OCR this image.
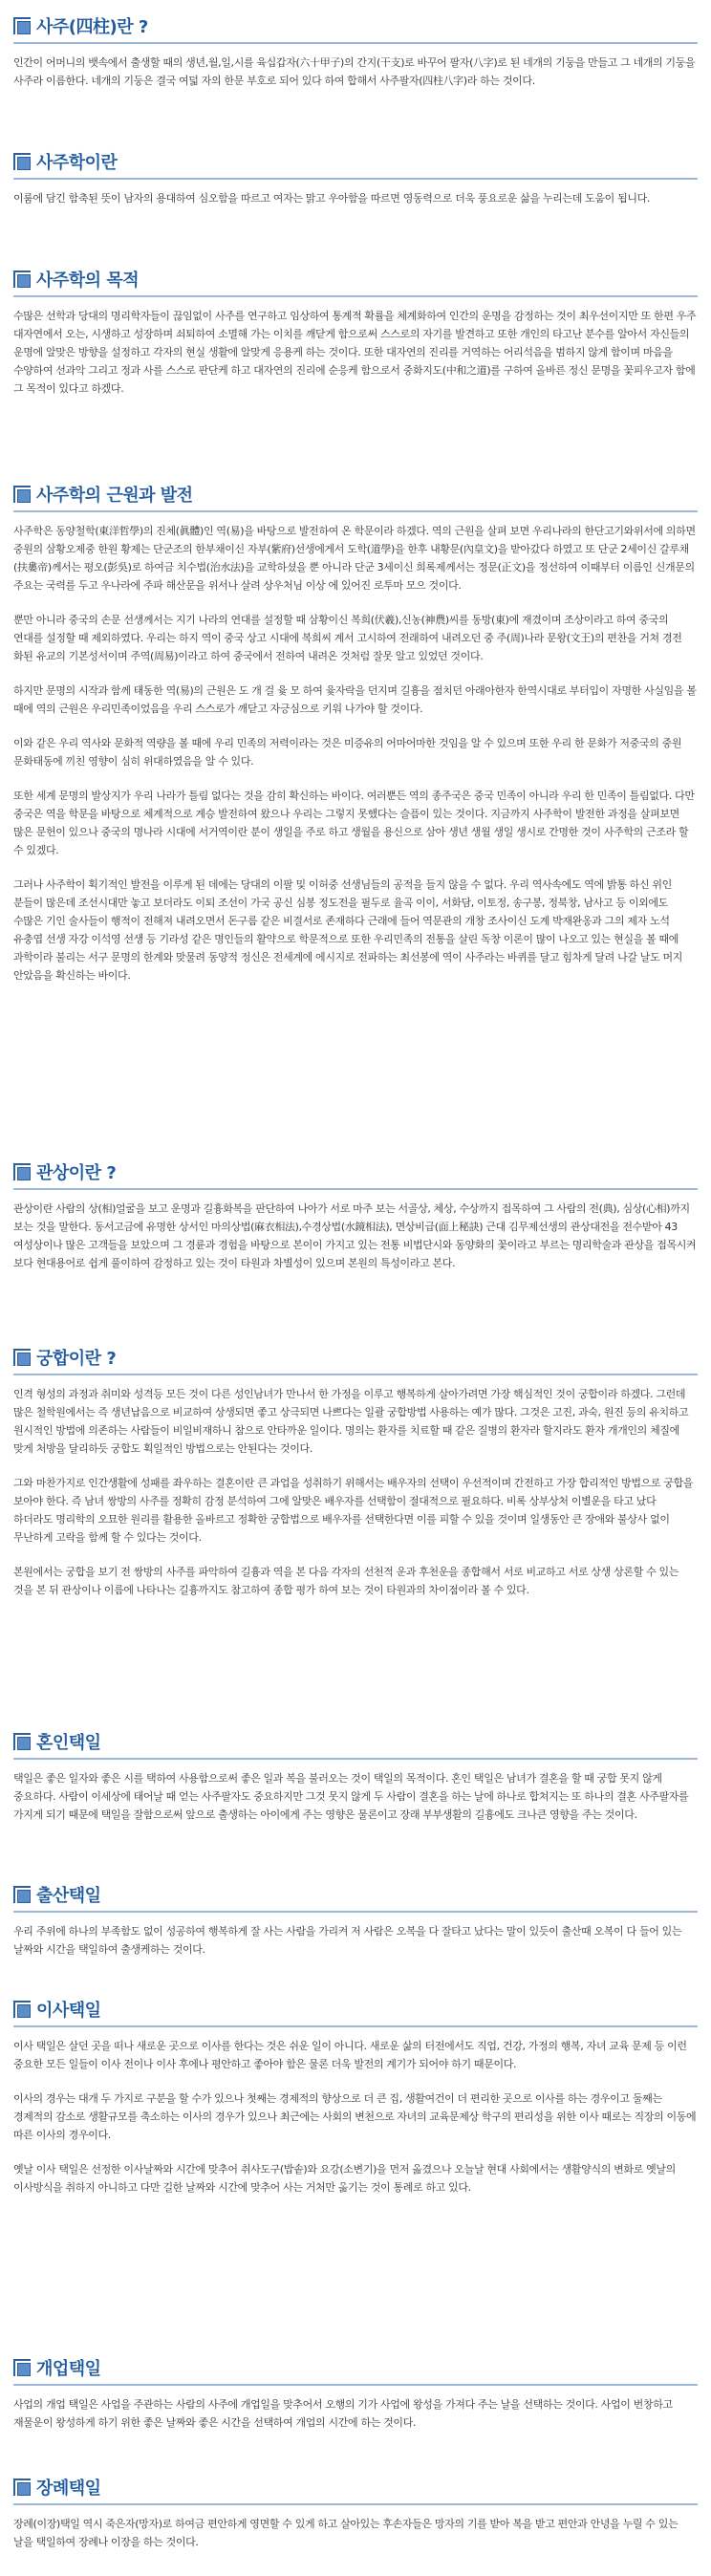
사주(四柱)란 ?

인간이 어머니의 뱃속에서 출생할 때의 생년,월,일,시를 육십갑자(六十甲子)의 간지(干支)로 바꾸어 팔자(八字)로 된 네개의 기둥을 만들고 그 네개의 기둥을 사주라 이름한다. 네개의 기둥은 결국 여덟 자의 한문 부호로 되어 있다 하여 합해서 사주팔자(四柱八字)라 하는 것이다.

사주학이란

이룸에 담긴 함축된 뜻이 남자의 용대하여 심오함을 따르고 여자는 맑고 우아함을 따르면 영동력으로 더욱 풍요로운 삶을 누리는데 도움이 됩니다.

사주학의 목적

수많은 선학과 당대의 명리학자들이 끊임없이 사주를 연구하고 임상하여 통계적 확률을 체계화하여 인간의 운명을 감정하는 것이 최우선이지만 또 한편 우주 대자연에서 오는, 시생하고 성장하며 쇠퇴하여 소멸해 가는 이치를 깨닫게 함으로써 스스로의 자기를 발견하고 또한 개인의 타고난 분수를 알아서 자신들의 운명에 알맞은 방향을 설정하고 각자의 현실 생활에 알맞게 응용케 하는 것이다. 또한 대자연의 진리를 거역하는 어리석음을 범하지 않게 함이며 마음을 수양하여 선과악 그리고 정과 사를 스스로 판단케 하고 대자연의 진리에 순응케 함으로서 중화지도(中和之道)를 구하여 올바른 정신 문명을 꽃피우고자 함에 그 목적이 있다고 하겠다.

사주학의 근원과 발전

사주학은 동양철학(東洋哲學)의 진체(眞體)인 역(易)을 바탕으로 발전하여 온 학문이라 하겠다. 역의 근원을 살펴 보면 우리나라의 한단고기와위서에 의하면 중원의 삼황오제중 한원 황제는 단군조의 한부채이신 자부(紫府)선생에게서 도학(道學)을 한후 내황문(內皇文)을 받아갔다 하였고 또 단군 2세이신 갈루채(扶婁帝)께서는 평오(彭吳)로 하여금 치수법(治水法)을 교학하셨을 뿐 아니라 단군 3세이신 희록제께서는 정문(正文)을 정선하여 이때부터 이름인 신개문의 주요는 국력를 두고 우나라에 주파 해산문을 위서나 살려 상우처님 이상 에 있어진 로투마 모으 것이다.

뿐만 아니라 중국의 손문 선생께서는 지기 나라의 연대를 설정할 때 삼황이신 복희(伏羲),신농(神農)씨를 동방(東)에 재겼이며 조상이라고 하여 중국의 연대를 설정할 때 제외하였다. 우리는 하지 역이 중국 상고 시대에 복희씨 계서 고시하여 전래하여 내려오던 중 주(周)나라 문왕(文王)의 편찬을 거쳐 경전 화된 유교의 기본성서이며 주역(周易)이라고 하여 중국에서 전하여 내려온 것처럼 잘못 알고 있었던 것이다.

하지만 문명의 시작과 함께 태동한 역(易)의 근원은 도 개 걸 윷 모 하여 윷자락을 던지며 길흉을 점치던 아래아한자 한역시대로 부터입이 자명한 사실임을 볼 때에 역의 근원은 우리민족이었음을 우리 스스로가 깨닫고 자긍심으로 키워 나가야 할 것이다.

이와 같은 우리 역사와 문화적 역량을 볼 때에 우리 민족의 저력이라는 것은 미증유의 어마어마한 것임을 알 수 있으며 또한 우리 한 문화가 저중국의 중원 문화태동에 끼친 영향이 심히 위대하였음을 알 수 있다.

또한 세계 문명의 발상지가 우리 나라가 틀림 없다는 것을 감히 확신하는 바이다. 여러뿐든 역의 종주국은 중국 민족이 아니라 우리 한 민족이 틀림없다. 다만 중국은 역을 학문을 바탕으로 체계적으로 계승 발전하여 왔으나 우리는 그렇지 못했다는 슬픔이 있는 것이다. 지금까지 사주학이 발전한 과정을 살펴보면 많은 문헌이 있으나 중국의 명나라 시대에 서거역이란 분이 생일을 주로 하고 생월을 용신으로 삼아 생년 생월 생일 생시로 간명한 것이 사주학의 근조라 할 수 있겠다.

그러나 사주학이 획기적인 발전을 이루게 된 데에는 당대의 이팔 및 이허중 선생님들의 공적을 들지 않을 수 없다. 우리 역사속에도 역에 밝통 하신 위인 분들이 많은데 조선시대만 놓고 보더라도 이퇴 조선이 가국 공신 심봉 정도전을 필두로 율곡 이이, 서화담, 이토정, 송구봉, 정북창, 남사고 등 이외에도 수많은 기인 술사들이 행적이 전해져 내려오면서 돈구름 같은 비결서로 존재하다 근래에 들어 역문관의 개창 조사이신 도계 박재완옹과 그의 제자 노석 유충엽 선생 자강 이석영 선생 등 기라성 같은 명인들의 활약으로 학문적으로 또한 우리민족의 전통을 살린 독창 이론이 많이 나오고 있는 현실을 볼 때에 과학이라 불리는 서구 문명의 한계와 맞물려 동양적 정신은 전세계에 에시지로 전파하는 최선봉에 역이 사주라는 바퀴를 달고 힘차게 달려 나갈 날도 머지 안았음을 확신하는 바이다.

관상이란 ?

관상이란 사람의 상(相)얼굴을 보고 운명과 길흉화복을 판단하여 나아가 서로 마주 보는 서골상, 체상, 수상까지 접목하여 그 사람의 전(典), 심상(心相)까지 보는 것을 말한다. 동서고금에 유명한 상서인 마의상법(麻衣相法),수경상법(水鏡相法), 면상비급(面上秘訣) 근대 김무제선생의 관상대전을 전수받아 43 여성상이나 많은 고객들을 보았으며 그 경륜과 경험을 바탕으로 본이이 가지고 있는 전통 비법단시와 동양화의 꽃이라고 부르는 명리학술과 관상을 접목시켜 보다 현대용어로 쉽게 풀이하여 감정하고 있는 것이 타원과 차별성이 있으며 본원의 특성이라고 본다.

궁합이란 ?

인격 형성의 과정과 취미와 성격등 모든 것이 다른 성인남녀가 만나서 한 가정을 이루고 행복하게 살아가려면 가장 핵심적인 것이 궁합이라 하겠다. 그런데 많은 철학원에서는 즉 생년납음으로 비교하여 상생되면 좋고 상극되면 나쁘다는 일괄 궁합방법 사용하는 예가 많다. 그것은 고진, 과숙, 원진 등의 유치하고 원시적인 방법에 의존하는 사람들이 비일비재하니 참으로 안타까운 일이다. 명의는 환자를 치료할 때 같은 질병의 환자라 할지라도 환자 개개인의 체질에 맞게 처방을 달리하듯 궁합도 획일적인 방법으로는 안된다는 것이다.

그와 마찬가지로 인간생활에 성패를 좌우하는 결혼이란 큰 과업을 성취하기 위해서는 배우자의 선택이 우선적이며 간전하고 가장 합리적인 방법으로 궁합을 보아야 한다. 즉 남녀 쌍방의 사주를 정확히 감정 분석하여 그에 알맞은 배우자를 선택함이 절대적으로 필요하다. 비록 상부상처 이별운을 타고 났다 하더라도 명리학의 오묘한 원리를 활용한 올바르고 정확한 궁합법으로 배우자를 선택한다면 이를 피할 수 있을 것이며 일생동안 큰 장애와 불상사 없이 무난하게 고락을 함께 할 수 있다는 것이다.

본원에서는 궁합을 보기 전 쌍방의 사주를 파악하여 길흉과 역을 본 다음 각자의 선천적 운과 후천운을 종합해서 서로 비교하고 서로 상생 상론할 수 있는 것을 본 뒤 관상이나 이름에 나타나는 길흉까지도 참고하여 종합 평가 하여 보는 것이 타원과의 차이점이라 볼 수 있다.

혼인택일

택일은 좋은 일자와 좋은 시를 택하여 사용함으로써 좋은 일과 복을 불러오는 것이 택일의 목적이다. 혼인 택일은 남녀가 결혼을 할 때 궁합 못지 않게 중요하다. 사람이 이세상에 태어날 때 얻는 사주팔자도 중요하지만 그것 못지 않게 두 사람이 결혼을 하는 날에 하나로 합쳐지는 또 하나의 결혼 사주팔자를 가지게 되기 때문에 택일을 잘함으로써 앞으로 출생하는 아이에게 주는 영향은 물론이고 장래 부부생활의 길흉에도 크나큰 영향을 주는 것이다.

출산택일

우리 주위에 하나의 부족함도 없이 성공하여 행복하게 잘 사는 사람을 가리켜 저 사람은 오복을 다 잘타고 났다는 말이 있듯이 출산때 오복이 다 들어 있는 날짜와 시간을 택일하여 출생케하는 것이다.

이사택일

이사 택일은 살던 곳을 떠나 새로운 곳으로 이사를 한다는 것은 쉬운 일이 아니다. 새로운 삶의 터전에서도 직업, 건강, 가정의 행복, 자녀 교육 문제 등 이런 중요한 모든 일들이 이사 전이나 이사 후에나 평안하고 좋아야 함은 물론 더욱 발전의 계기가 되어야 하기 때문이다.

이사의 경우는 대개 두 가지로 구분을 할 수가 있으나 첫째는 경제적의 향상으로 더 큰 집, 생활여건이 더 편리한 곳으로 이사를 하는 경우이고 둘째는 경제적의 감소로 생활규모를 축소하는 이사의 경우가 있으나 최근에는 사회의 변천으로 자녀의 교육문제상 학구의 편리성을 위한 이사 때로는 직장의 이동에 따른 이사의 경우이다.

옛날 이사 택일은 선정한 이사날짜와 시간에 맞추어 취사도구(밥솥)와 요강(소변기)을 먼저 옮겼으나 오늘날 현대 사회에서는 생활양식의 변화로 옛날의 이사방식을 취하지 아니하고 다만 길한 날짜와 시간에 맞추어 사는 거처만 옮기는 것이 통례로 하고 있다.

개업택일

사업의 개업 택일은 사업을 주관하는 사람의 사주에 개업일을 맞추어서 오행의 기가 사업에 왕성을 가져다 주는 날을 선택하는 것이다. 사업이 번창하고 재물운이 왕성하게 하기 위한 좋은 날짜와 좋은 시간을 선택하여 개업의 시간에 하는 것이다.

장례택일

장례(이장)택일 역시 죽은자(망자)로 하여금 편안하게 영면할 수 있게 하고 살아있는 후손자들은 망자의 기를 받아 복을 받고 편안과 안녕을 누릴 수 있는 날을 택일하여 장례나 이장을 하는 것이다.
